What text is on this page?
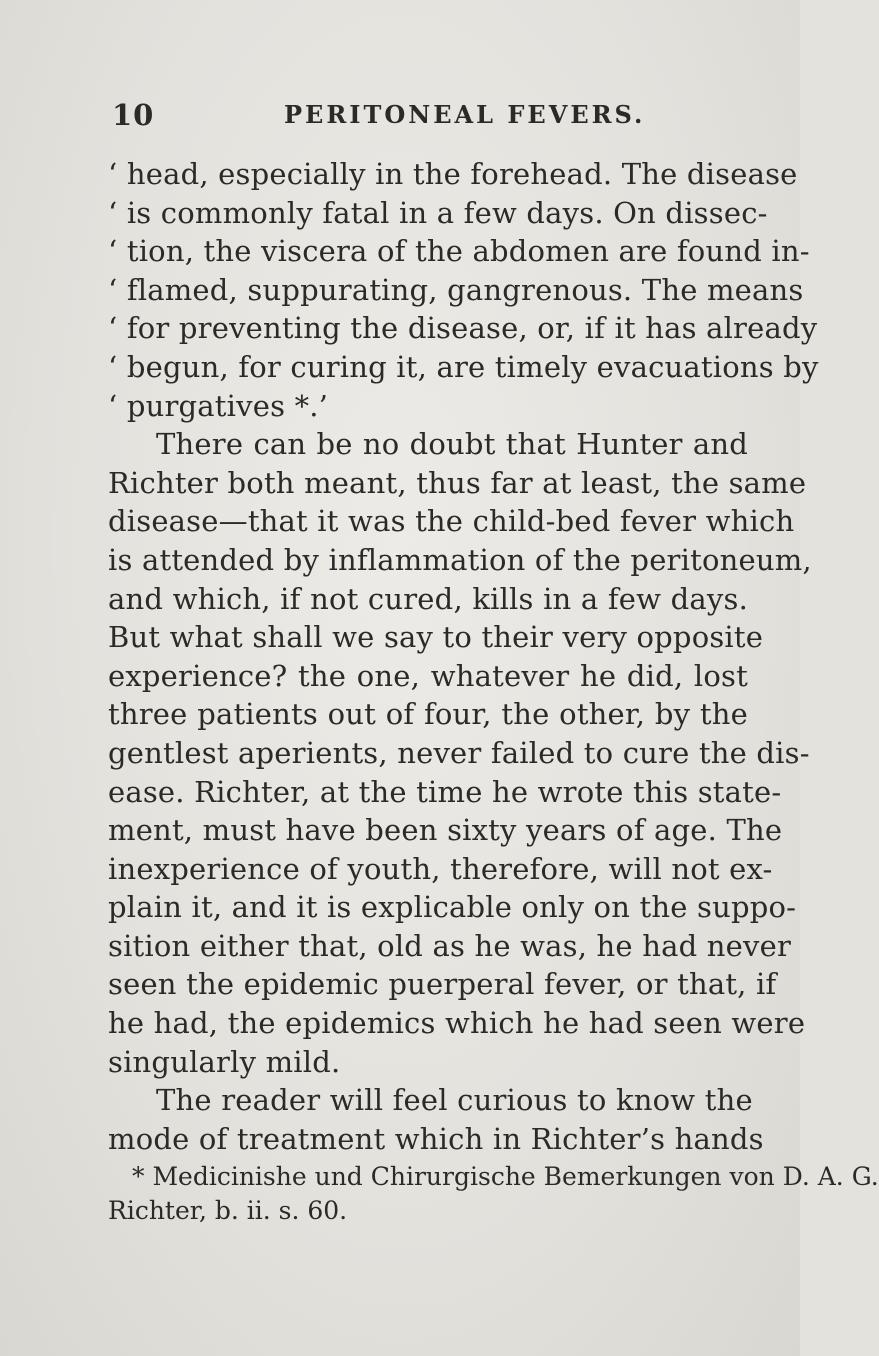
10	PERITONEAL FEVERS.
‘ head, especially in the forehead. The disease
‘ is commonly fatal in a few days. On dissec-
‘ tion, the viscera of the abdomen are found in-
‘ flamed, suppurating, gangrenous. The means
‘ for preventing the disease, or, if it has already
‘ begun, for curing it, are timely evacuations by
‘ purgatives *.’
There can be no doubt that Hunter and
Richter both meant, thus far at least, the same
disease—that it was the child-bed fever which
is attended by inflammation of the peritoneum,
and which, if not cured, kills in a few days.
But what shall we say to their very opposite
experience? the one, whatever he did, lost
three patients out of four, the other, by the
gentlest aperients, never failed to cure the dis-
ease. Richter, at the time he wrote this state-
ment, must have been sixty years of age. The
inexperience of youth, therefore, will not ex-
plain it, and it is explicable only on the suppo-
sition either that, old as he was, he had never
seen the epidemic puerperal fever, or that, if
he had, the epidemics which he had seen were
singularly mild.
The reader will feel curious to know the
mode of treatment which in Richter’s hands
* Medicinishe und Chirurgische Bemerkungen von D. A. G.
Richter, b. ii. s. 60.
